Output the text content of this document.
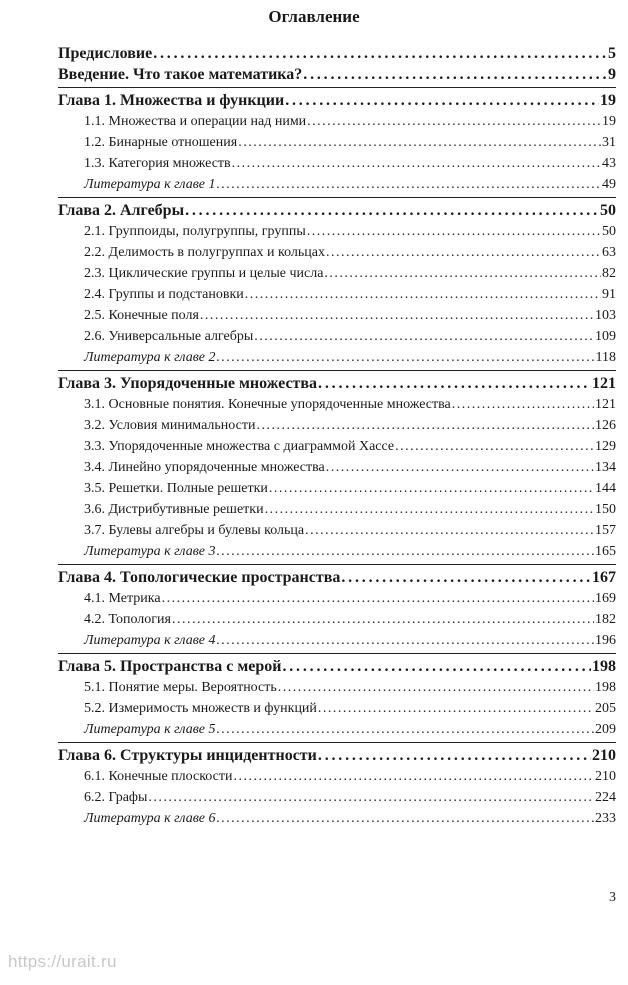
Оглавление
Предисловие . . .	5
Введение. Что такое математика? . . .	9
Глава 1. Множества и функции . . .	19
1.1. Множества и операции над ними . . .	19
1.2. Бинарные отношения . . .	31
1.3. Категория множеств . . .	43
Литература к главе 1 . . .	49
Глава 2. Алгебры . . .	50
2.1. Группоиды, полугруппы, группы . . .	50
2.2. Делимость в полугруппах и кольцах . . .	63
2.3. Циклические группы и целые числа . . .	82
2.4. Группы и подстановки . . .	91
2.5. Конечные поля . . .	103
2.6. Универсальные алгебры . . .	109
Литература к главе 2 . . .	118
Глава 3. Упорядоченные множества . . .	121
3.1. Основные понятия. Конечные упорядоченные множества . . .	121
3.2. Условия минимальности . . .	126
3.3. Упорядоченные множества с диаграммой Хассе . . .	129
3.4. Линейно упорядоченные множества . . .	134
3.5. Решетки. Полные решетки . . .	144
3.6. Дистрибутивные решетки . . .	150
3.7. Булевы алгебры и булевы кольца . . .	157
Литература к главе 3 . . .	165
Глава 4. Топологические пространства . . .	167
4.1. Метрика . . .	169
4.2. Топология . . .	182
Литература к главе 4 . . .	196
Глава 5. Пространства с мерой . . .	198
5.1. Понятие меры. Вероятность . . .	198
5.2. Измеримость множеств и функций . . .	205
Литература к главе 5 . . .	209
Глава 6. Структуры инцидентности . . .	210
6.1. Конечные плоскости . . .	210
6.2. Графы . . .	224
Литература к главе 6 . . .	233
3
https://urait.ru
